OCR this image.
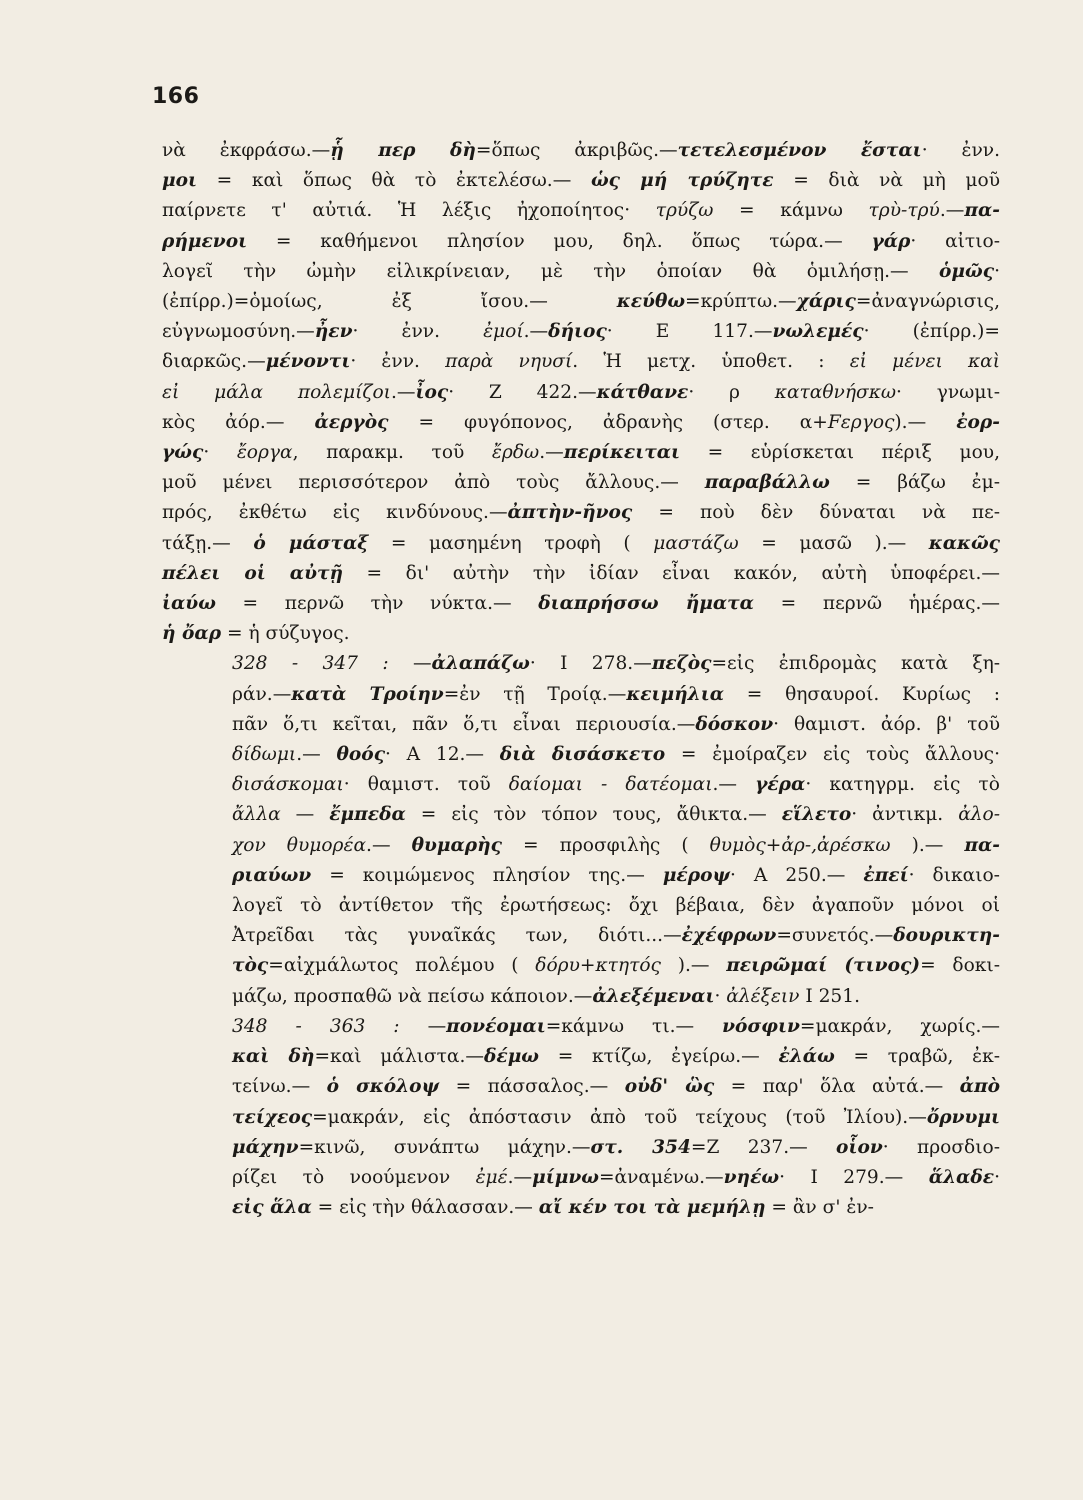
166
νὰ ἐκφράσω.—ᾗ περ δὴ=ὅπως ἀκριβῶς.—τετελεσμένον ἔσται· ἐνν.
μοι = καὶ ὅπως θὰ τὸ ἐκτελέσω.— ὡς μή τρύζητε = διὰ νὰ μὴ μοῦ
παίρνετε τ' αὐτιά. Ἡ λέξις ἠχοποίητος· τρύζω = κάμνω τρὺ-τρύ.—πα-
ρήμενοι = καθήμενοι πλησίον μου, δηλ. ὅπως τώρα.— γάρ· αἰτιο-
λογεῖ τὴν ὠμὴν εἰλικρίνειαν, μὲ τὴν ὁποίαν θὰ ὁμιλήσῃ.— ὁμῶς·
(ἐπίρρ.)=ὁμοίως, ἐξ ἴσου.— κεύθω=κρύπτω.—χάρις=ἀναγνώρισις,
εὐγνωμοσύνη.—ἦεν· ἐνν. ἐμοί.—δήιος· Ε 117.—νωλεμές· (ἐπίρρ.)=
διαρκῶς.—μένοντι· ἐνν. παρὰ νηυσί. Ἡ μετχ. ὑποθετ. : εἰ μένει καὶ
εἰ μάλα πολεμίζοι.—ἶος· Ζ 422.—κάτθανε· ρ καταθνήσκω· γνωμι-
κὸς ἀόρ.— ἀεργὸς = φυγόπονος, ἀδρανὴς (στερ. α+Fεργος).— ἐορ-
γώς· ἔοργα, παρακμ. τοῦ ἔρδω.—περίκειται = εὑρίσκεται πέριξ μου,
μοῦ μένει περισσότερον ἀπὸ τοὺς ἄλλους.— παραβάλλω = βάζω ἐμ-
πρός, ἐκθέτω εἰς κινδύνους.—ἀπτὴν-ῆνος = ποὺ δὲν δύναται νὰ πε-
τάξῃ.— ὁ μάσταξ = μασημένη τροφὴ ( μαστάζω = μασῶ ).— κακῶς
πέλει οἱ αὐτῇ = δι' αὐτὴν τὴν ἰδίαν εἶναι κακόν, αὐτὴ ὑποφέρει.—
ἰαύω = περνῶ τὴν νύκτα.— διαπρήσσω ἤματα = περνῶ ἡμέρας.—
ἡ ὄαρ = ἡ σύζυγος.
328 - 347 : —ἀλαπάζω· Ι 278.—πεζὸς=εἰς ἐπιδρομὰς κατὰ ξη-
ράν.—κατὰ Τροίην=ἐν τῇ Τροίᾳ.—κειμήλια = θησαυροί. Κυρίως :
πᾶν ὅ,τι κεῖται, πᾶν ὅ,τι εἶναι περιουσία.—δόσκον· θαμιστ. ἀόρ. β' τοῦ
δίδωμι.— θοός· Α 12.— διὰ δισάσκετο = ἐμοίραζεν εἰς τοὺς ἄλλους·
δισάσκομαι· θαμιστ. τοῦ δαίομαι - δατέομαι.— γέρα· κατηγρμ. εἰς τὸ
ἄλλα — ἔμπεδα = εἰς τὸν τόπον τους, ἄθικτα.— εἵλετο· ἀντικμ. ἀλο-
χον θυμορέα.— θυμαρὴς = προσφιλὴς ( θυμὸς+ἀρ-,ἀρέσκω ).— πα-
ριαύων = κοιμώμενος πλησίον της.— μέροψ· Α 250.— ἐπεί· δικαιο-
λογεῖ τὸ ἀντίθετον τῆς ἐρωτήσεως: ὄχι βέβαια, δὲν ἀγαποῦν μόνοι οἱ
Ἀτρεῖδαι τὰς γυναῖκάς των, διότι...—ἐχέφρων=συνετός.—δουρικτη-
τὸς=αἰχμάλωτος πολέμου ( δόρυ+κτητός ).— πειρῶμαί (τινος)= δοκι-
μάζω, προσπαθῶ νὰ πείσω κάποιον.—ἀλεξέμεναι· ἀλέξειν Ι 251.
348 - 363 : —πονέομαι=κάμνω τι.— νόσφιν=μακράν, χωρίς.—
καὶ δὴ=καὶ μάλιστα.—δέμω = κτίζω, ἐγείρω.— ἐλάω = τραβῶ, ἐκ-
τείνω.— ὁ σκόλοψ = πάσσαλος.— οὐδ' ὣς = παρ' ὅλα αὐτά.— ἀπὸ
τείχεος=μακράν, εἰς ἀπόστασιν ἀπὸ τοῦ τείχους (τοῦ Ἰλίου).—ὄρνυμι
μάχην=κινῶ, συνάπτω μάχην.—στ. 354=Ζ 237.— οἷον· προσδιο-
ρίζει τὸ νοούμενον ἐμέ.—μίμνω=ἀναμένω.—νηέω· Ι 279.— ἅλαδε·
εἰς ἅλα = εἰς τὴν θάλασσαν.— αἴ κέν τοι τὰ μεμήλῃ = ἂν σ' ἐν-
